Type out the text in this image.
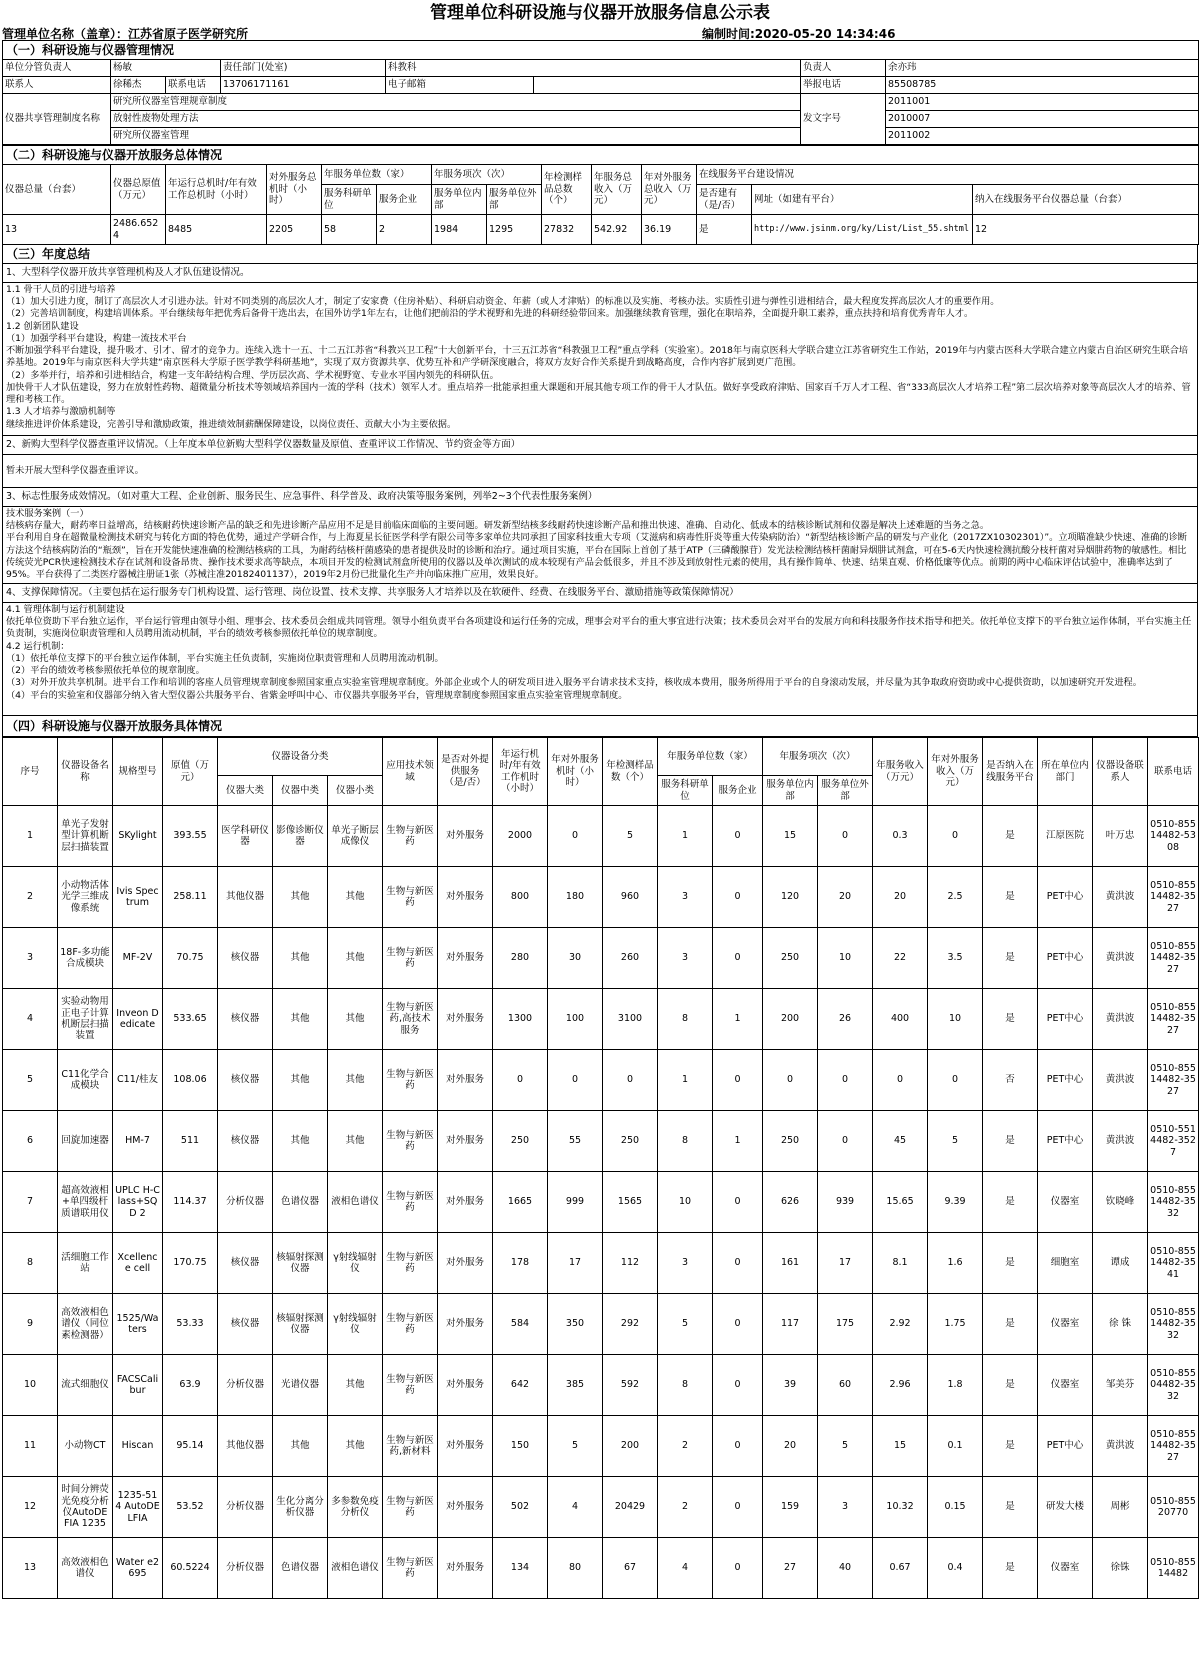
管理单位科研设施与仪器开放服务信息公示表
管理单位名称（盖章）：江苏省原子医学研究所	编制时间:2020-05-20 14:34:46
（一）科研设施与仪器管理情况							
单位分管负责人	杨敏		责任部门(处室)	科教科		负责人	余亦玮
联系人	徐稀杰	联系电话	13706171161	电子邮箱		举报电话	85508785
仪器共享管理制度名称	研究所仪器室管理规章制度					发文字号	2011001
	放射性废物处理方法						2010007
	研究所仪器室管理						2011002
（二）科研设施与仪器开放服务总体情况													
仪器总量（台套）	仪器总原值（万元）	年运行总机时/年有效工作总机时（小时）	对外服务总机时（小时）	年服务单位数（家）		年服务项次（次）		年检测样品总数（个）	年服务总收入（万元）	年对外服务总收入（万元）	在线服务平台建设情况		
				服务科研单位	服务企业	服务单位内部	服务单位外部				是否建有（是/否）	网址（如建有平台）	纳入在线服务平台仪器总量（台套）
13	2486.6524	8485	2205	58	2	1984	1295	27832	542.92	36.19	是	http://www.jsinm.org/ky/List/List_55.shtml	12
（三）年度总结
1、大型科学仪器开放共享管理机构及人才队伍建设情况。

1.1 骨干人员的引进与培养

（1）加大引进力度，制订了高层次人才引进办法。针对不同类别的高层次人才，制定了安家费（住房补贴）、科研启动资金、年薪（或人才津贴）的标准以及实施、考核办法。实质性引进与弹性引进相结合，最大程度发挥高层次人才的重要作用。

（2）完善培训制度，构建培训体系。平台继续每年把优秀后备骨干选出去，在国外访学1年左右，让他们把前沿的学术视野和先进的科研经验带回来。加强继续教育管理，强化在职培养，全面提升职工素养，重点扶持和培育优秀青年人才。

1.2 创新团队建设

（1）加强学科平台建设，构建一流技术平台

不断加强学科平台建设，提升吸才、引才、留才的竞争力。连续入选十一五、十二五江苏省“科教兴卫工程”十大创新平台，十三五江苏省“科教强卫工程”重点学科（实验室）。2018年与南京医科大学联合建立江苏省研究生工作站，2019年与内蒙古医科大学联合建立内蒙古自治区研究生联合培养基地。2019年与南京医科大学共建“南京医科大学原子医学教学科研基地”，实现了双方资源共享、优势互补和产学研深度融合，将双方友好合作关系提升到战略高度，合作内容扩展到更广范围。

（2）多举并行，培养和引进相结合，构建一支年龄结构合理、学历层次高、学术视野宽、专业水平国内领先的科研队伍。

加快骨干人才队伍建设，努力在放射性药物、超微量分析技术等领域培养国内一流的学科（技术）领军人才。重点培养一批能承担重大课题和开展其他专项工作的骨干人才队伍。做好享受政府津贴、国家百千万人才工程、省“333高层次人才培养工程”第二层次培养对象等高层次人才的培养、管理和考核工作。

1.3 人才培养与激励机制等

继续推进评价体系建设，完善引导和激励政策，推进绩效制薪酬保障建设，以岗位责任、贡献大小为主要依据。

2、新购大型科学仪器查重评议情况。（上年度本单位新购大型科学仪器数量及原值、查重评议工作情况、节约资金等方面）

暂未开展大型科学仪器查重评议。

3、标志性服务成效情况。（如对重大工程、企业创新、服务民生、应急事件、科学普及、政府决策等服务案例，列举2~3个代表性服务案例）

技术服务案例（一）

结核病存量大，耐药率日益增高，结核耐药快速诊断产品的缺乏和先进诊断产品应用不足是目前临床面临的主要问题。研发新型结核多线耐药快速诊断产品和推出快速、准确、自动化、低成本的结核诊断试剂和仪器是解决上述难题的当务之急。

平台利用自身在超微量检测技术研究与转化方面的特色优势，通过产学研合作，与上海夏星长征医学科学有限公司等多家单位共同承担了国家科技重大专项（艾滋病和病毒性肝炎等重大传染病防治）“新型结核诊断产品的研发与产业化（2017ZX10302301）”。立项瞄准缺少快速、准确的诊断方法这个结核病防治的“瓶颈”，旨在开发能快速准确的检测结核病的工具，为耐药结核杆菌感染的患者提供及时的诊断和治疗。通过项目实施，平台在国际上首创了基于ATP（三磷酸腺苷）发光法检测结核杆菌耐异烟肼试剂盒，可在5-6天内快速检测抗酸分枝杆菌对异烟肼药物的敏感性。相比传统荧光PCR快速检测技术存在试剂和设备昂贵、操作技术要求高等缺点，本项目开发的检测试剂盒所使用的仪器以及单次测试的成本较现有产品会低很多，并且不涉及到放射性元素的使用，具有操作简单、快速、结果直观、价格低廉等优点。前期的两中心临床评估试验中，准确率达到了95%。平台获得了二类医疗器械注册证1张（苏械注准20182401137），2019年2月份已批量化生产并向临床推广应用，效果良好。

4、支撑保障情况。（主要包括在运行服务专门机构设置、运行管理、岗位设置、技术支撑、共享服务人才培养以及在软硬件、经费、在线服务平台、激励措施等政策保障情况）

4.1 管理体制与运行机制建设

依托单位资助下平台独立运作，平台运行管理由领导小组、理事会、技术委员会组成共同管理。领导小组负责平台各项建设和运行任务的完成，理事会对平台的重大事宜进行决策；技术委员会对平台的发展方向和科技服务作技术指导和把关。依托单位支撑下的平台独立运作体制，平台实施主任负责制，实施岗位职责管理和人员聘用流动机制，平台的绩效考核参照依托单位的规章制度。

4.2 运行机制：

（1）依托单位支撑下的平台独立运作体制，平台实施主任负责制，实施岗位职责管理和人员聘用流动机制。

（2）平台的绩效考核参照依托单位的规章制度。

（3）对外开放共享机制。进平台工作和培训的客座人员管理规章制度参照国家重点实验室管理规章制度。外部企业或个人的研发项目进入服务平台请求技术支持，核收成本费用，服务所得用于平台的自身滚动发展，并尽量为其争取政府资助或中心提供资助，以加速研究开发进程。

（4）平台的实验室和仪器部分纳入省大型仪器公共服务平台、省紫金呼叫中心、市仪器共享服务平台，管理规章制度参照国家重点实验室管理规章制度。

（四）科研设施与仪器开放服务具体情况
序号	仪器设备名称	规格型号	原值（万元）	仪器设备分类			应用技术领域	是否对外提供服务（是/否）	年运行机时/年有效工作机时（小时）	年对外服务机时（小时）	年检测样品数（个）	年服务单位数（家）		年服务项次（次）		年服务收入（万元）	年对外服务收入（万元）	是否纳入在线服务平台	所在单位内部门	仪器设备联系人	联系电话
				仪器大类	仪器中类	仪器小类						服务科研单位	服务企业	服务单位内部	服务单位外部						
1	单光子发射型计算机断层扫描装置	SKylight	393.55	医学科研仪器	影像诊断仪器	单光子断层成像仪	生物与新医药	对外服务	2000	0	5	1	0	15	0	0.3	0	是	江原医院	叶万忠	0510-85514482-5308
2	小动物活体光学三维成像系统	Ivis Spectrum	258.11	其他仪器	其他	其他	生物与新医药	对外服务	800	180	960	3	0	120	20	20	2.5	是	PET中心	黄洪波	0510-85514482-3527
3	18F-多功能合成模块	MF-2V	70.75	核仪器	其他	其他	生物与新医药	对外服务	280	30	260	3	0	250	10	22	3.5	是	PET中心	黄洪波	0510-85514482-3527
4	实验动物用正电子计算机断层扫描装置	Inveon Dedicate	533.65	核仪器	其他	其他	生物与新医药,高技术服务	对外服务	1300	100	3100	8	1	200	26	400	10	是	PET中心	黄洪波	0510-85514482-3527
5	C11化学合成模块	C11/桂友	108.06	核仪器	其他	其他	生物与新医药	对外服务	0	0	0	1	0	0	0	0	0	否	PET中心	黄洪波	0510-85514482-3527
6	回旋加速器	HM-7	511	核仪器	其他	其他	生物与新医药	对外服务	250	55	250	8	1	250	0	45	5	是	PET中心	黄洪波	0510-5514482-3527
7	超高效液相+单四级杆质谱联用仪	UPLC H-Class+SQD 2	114.37	分析仪器	色谱仪器	液相色谱仪	生物与新医药	对外服务	1665	999	1565	10	0	626	939	15.65	9.39	是	仪器室	钦晓峰	0510-85514482-3532
8	活细胞工作站	Xcellence cell	170.75	核仪器	核辐射探测仪器	γ射线辐射仪	生物与新医药	对外服务	178	17	112	3	0	161	17	8.1	1.6	是	细胞室	谭成	0510-85514482-3541
9	高效液相色谱仪（同位素检测器）	1525/Waters	53.33	核仪器	核辐射探测仪器	γ射线辐射仪	生物与新医药	对外服务	584	350	292	5	0	117	175	2.92	1.75	是	仪器室	徐 铢	0510-85514482-3532
10	流式细胞仪	FACSCalibur	63.9	分析仪器	光谱仪器	其他	生物与新医药	对外服务	642	385	592	8	0	39	60	2.96	1.8	是	仪器室	邹美芬	0510-85504482-3532
11	小动物CT	Hiscan	95.14	其他仪器	其他	其他	生物与新医药,新材料	对外服务	150	5	200	2	0	20	5	15	0.1	是	PET中心	黄洪波	0510-85514482-3527
12	时间分辨荧光免疫分析仪AutoDEFIA 1235	1235-514 AutoDELFIA	53.52	分析仪器	生化分离分析仪器	多参数免疫分析仪	生物与新医药	对外服务	502	4	20429	2	0	159	3	10.32	0.15	是	研发大楼	周彬	0510-85520770
13	高效液相色谱仪	Water e2695	60.5224	分析仪器	色谱仪器	液相色谱仪	生物与新医药	对外服务	134	80	67	4	0	27	40	0.67	0.4	是	仪器室	徐铢	0510-85514482
